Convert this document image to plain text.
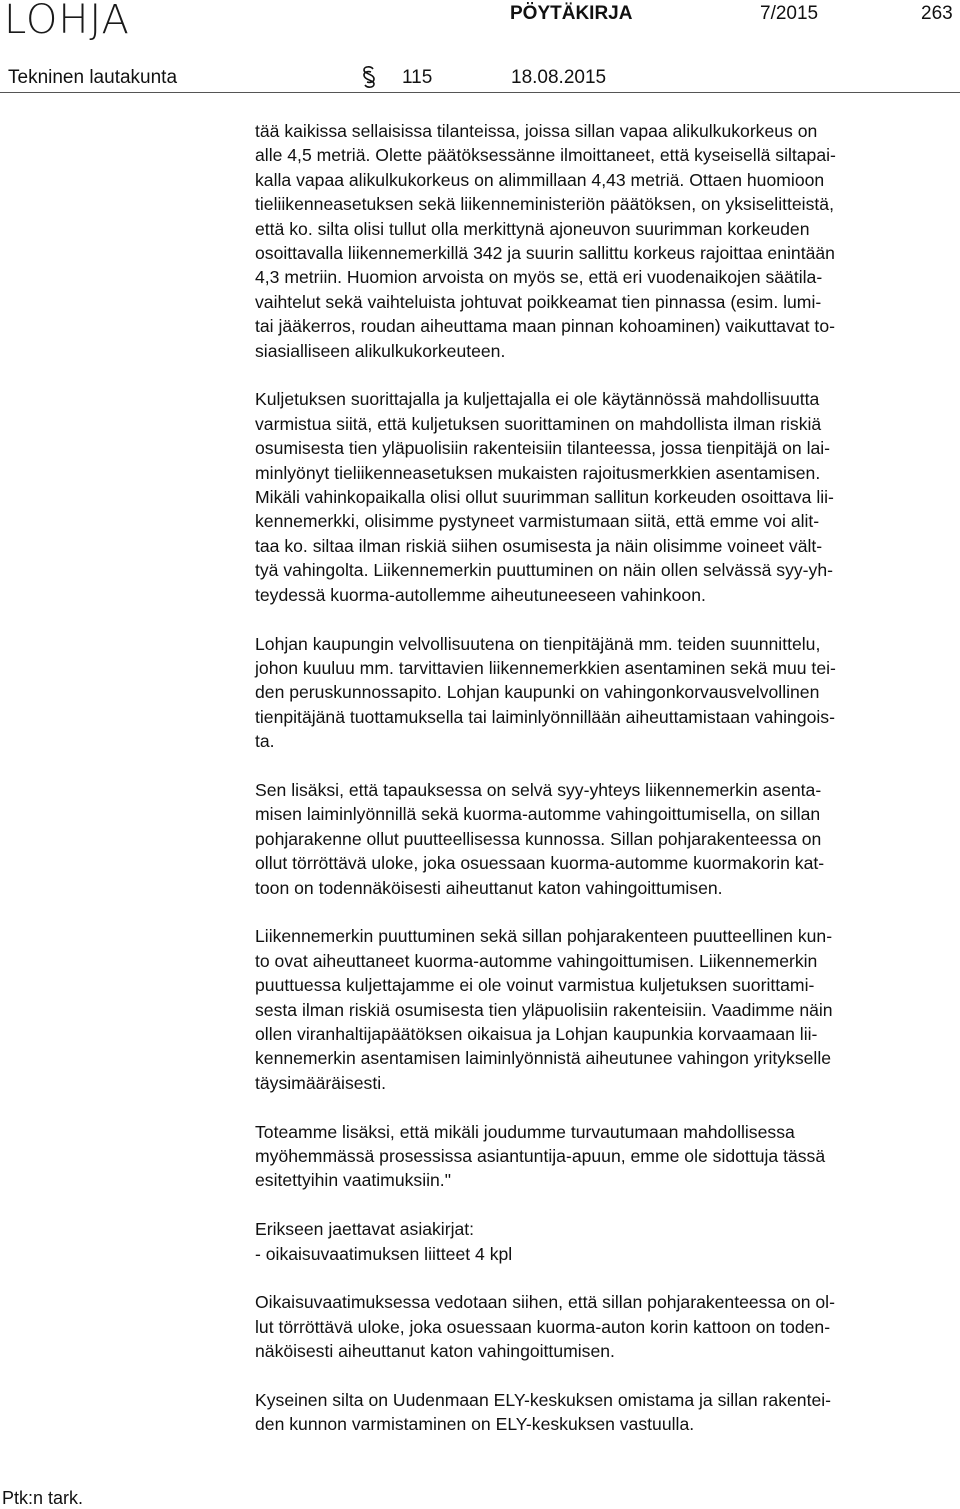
LOHJA	PÖYTÄKIRJA	7/2015	263
Tekninen lautakunta	115	18.08.2015
tää kaikissa sellaisissa tilanteissa, joissa sillan vapaa alikulkukorkeus on
alle 4,5 metriä. Olette päätöksessänne ilmoittaneet, että kyseisellä siltapai-
kalla vapaa alikulkukorkeus on alimmillaan 4,43 metriä. Ottaen huomioon
tieliikenneasetuksen sekä liikenneministeriön päätöksen, on yksiselitteistä,
että ko. silta olisi tullut olla merkittynä ajoneuvon suurimman korkeuden
osoittavalla liikennemerkillä 342 ja suurin sallittu korkeus rajoittaa enintään
4,3 metriin. Huomion arvoista on myös se, että eri vuodenaikojen säätila-
vaihtelut sekä vaihteluista johtuvat poikkeamat tien pinnassa (esim. lumi-
tai jääkerros, roudan aiheuttama maan pinnan kohoaminen) vaikuttavat to-
siasialliseen alikulkukorkeuteen.
Kuljetuksen suorittajalla ja kuljettajalla ei ole käytännössä mahdollisuutta
varmistua siitä, että kuljetuksen suorittaminen on mahdollista ilman riskiä
osumisesta tien yläpuolisiin rakenteisiin tilanteessa, jossa tienpitäjä on lai-
minlyönyt tieliikenneasetuksen mukaisten rajoitusmerkkien asentamisen.
Mikäli vahinkopaikalla olisi ollut suurimman sallitun korkeuden osoittava lii-
kennemerkki, olisimme pystyneet varmistumaan siitä, että emme voi alit-
taa ko. siltaa ilman riskiä siihen osumisesta ja näin olisimme voineet vält-
tyä vahingolta. Liikennemerkin puuttuminen on näin ollen selvässä syy-yh-
teydessä kuorma-autollemme aiheutuneeseen vahinkoon.
Lohjan kaupungin velvollisuutena on tienpitäjänä mm. teiden suunnittelu,
johon kuuluu mm. tarvittavien liikennemerkkien asentaminen sekä muu tei-
den peruskunnossapito. Lohjan kaupunki on vahingonkorvausvelvollinen
tienpitäjänä tuottamuksella tai laiminlyönnillään aiheuttamistaan vahingois-
ta.
Sen lisäksi, että tapauksessa on selvä syy-yhteys liikennemerkin asenta-
misen laiminlyönnillä sekä kuorma-automme vahingoittumisella, on sillan
pohjarakenne ollut puutteellisessa kunnossa. Sillan pohjarakenteessa on
ollut törröttävä uloke, joka osuessaan kuorma-automme kuormakorin kat-
toon on todennäköisesti aiheuttanut katon vahingoittumisen.
Liikennemerkin puuttuminen sekä sillan pohjarakenteen puutteellinen kun-
to ovat aiheuttaneet kuorma-automme vahingoittumisen. Liikennemerkin
puuttuessa kuljettajamme ei ole voinut varmistua kuljetuksen suorittami-
sesta ilman riskiä osumisesta tien yläpuolisiin rakenteisiin. Vaadimme näin
ollen viranhaltijapäätöksen oikaisua ja Lohjan kaupunkia korvaamaan lii-
kennemerkin asentamisen laiminlyönnistä aiheutunee vahingon yritykselle
täysimääräisesti.
Toteamme lisäksi, että mikäli joudumme turvautumaan mahdollisessa
myöhemmässä prosessissa asiantuntija-apuun, emme ole sidottuja tässä
esitettyihin vaatimuksiin."
Erikseen jaettavat asiakirjat:
- oikaisuvaatimuksen liitteet 4 kpl
Oikaisuvaatimuksessa vedotaan siihen, että sillan pohjarakenteessa on ol-
lut törröttävä uloke, joka osuessaan kuorma-auton korin kattoon on toden-
näköisesti aiheuttanut katon vahingoittumisen.
Kyseinen silta on Uudenmaan ELY-keskuksen omistama ja sillan rakentei-
den kunnon varmistaminen on ELY-keskuksen vastuulla.
Ptk:n tark.
